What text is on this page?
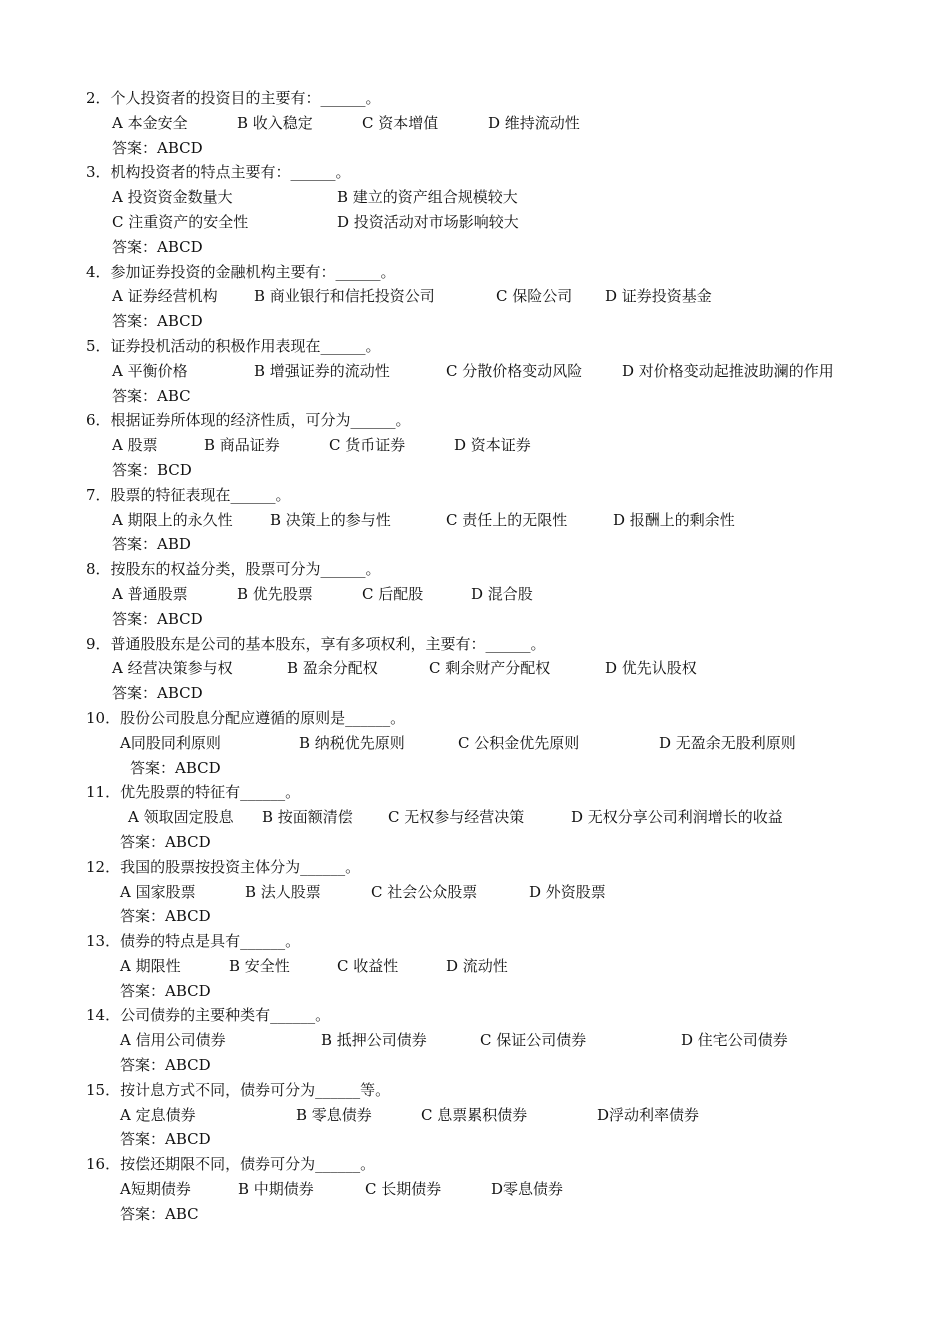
2．个人投资者的投资目的主要有：______。
A 本金安全	B 收入稳定	C 资本增值	D 维持流动性
答案：ABCD
3．机构投资者的特点主要有：______。
A 投资资金数量大	B 建立的资产组合规模较大
C 注重资产的安全性	D 投资活动对市场影响较大
答案：ABCD
4．参加证券投资的金融机构主要有：______。
A 证券经营机构 B 商业银行和信托投资公司	C 保险公司 D 证券投资基金
答案：ABCD
5．证券投机活动的积极作用表现在______。
A 平衡价格	B 增强证券的流动性	C 分散价格变动风险	D 对价格变动起推波助澜的作用
答案：ABC
6．根据证券所体现的经济性质，可分为______。
A 股票	B 商品证券	C 货币证券	D 资本证券
答案：BCD
7．股票的特征表现在______。
A 期限上的永久性 B 决策上的参与性	C 责任上的无限性	D 报酬上的剩余性
答案：ABD
8．按股东的权益分类，股票可分为______。
A 普通股票	B 优先股票	C 后配股	D 混合股
答案：ABCD
9．普通股股东是公司的基本股东，享有多项权利，主要有：______。
A 经营决策参与权	B 盈余分配权	C 剩余财产分配权	D 优先认股权
答案：ABCD
10．股份公司股息分配应遵循的原则是______。
A同股同利原则	B 纳税优先原则	C 公积金优先原则	D 无盈余无股利原则
答案：ABCD
11．优先股票的特征有______。
A 领取固定股息 B 按面额清偿 C 无权参与经营决策	D 无权分享公司利润增长的收益
答案：ABCD
12．我国的股票按投资主体分为______。
A 国家股票	B 法人股票	C 社会公众股票	D 外资股票
答案：ABCD
13．债券的特点是具有______。
A 期限性	B 安全性	C 收益性	D 流动性
答案：ABCD
14．公司债券的主要种类有______。
A 信用公司债券	B 抵押公司债券	C 保证公司债券	D 住宅公司债券
答案：ABCD
15．按计息方式不同，债券可分为______等。
A 定息债券	B 零息债券	C 息票累积债券	D浮动利率债券
答案：ABCD
16．按偿还期限不同，债券可分为______。
A短期债券	B 中期债券	C 长期债券	D零息债券
答案：ABC
